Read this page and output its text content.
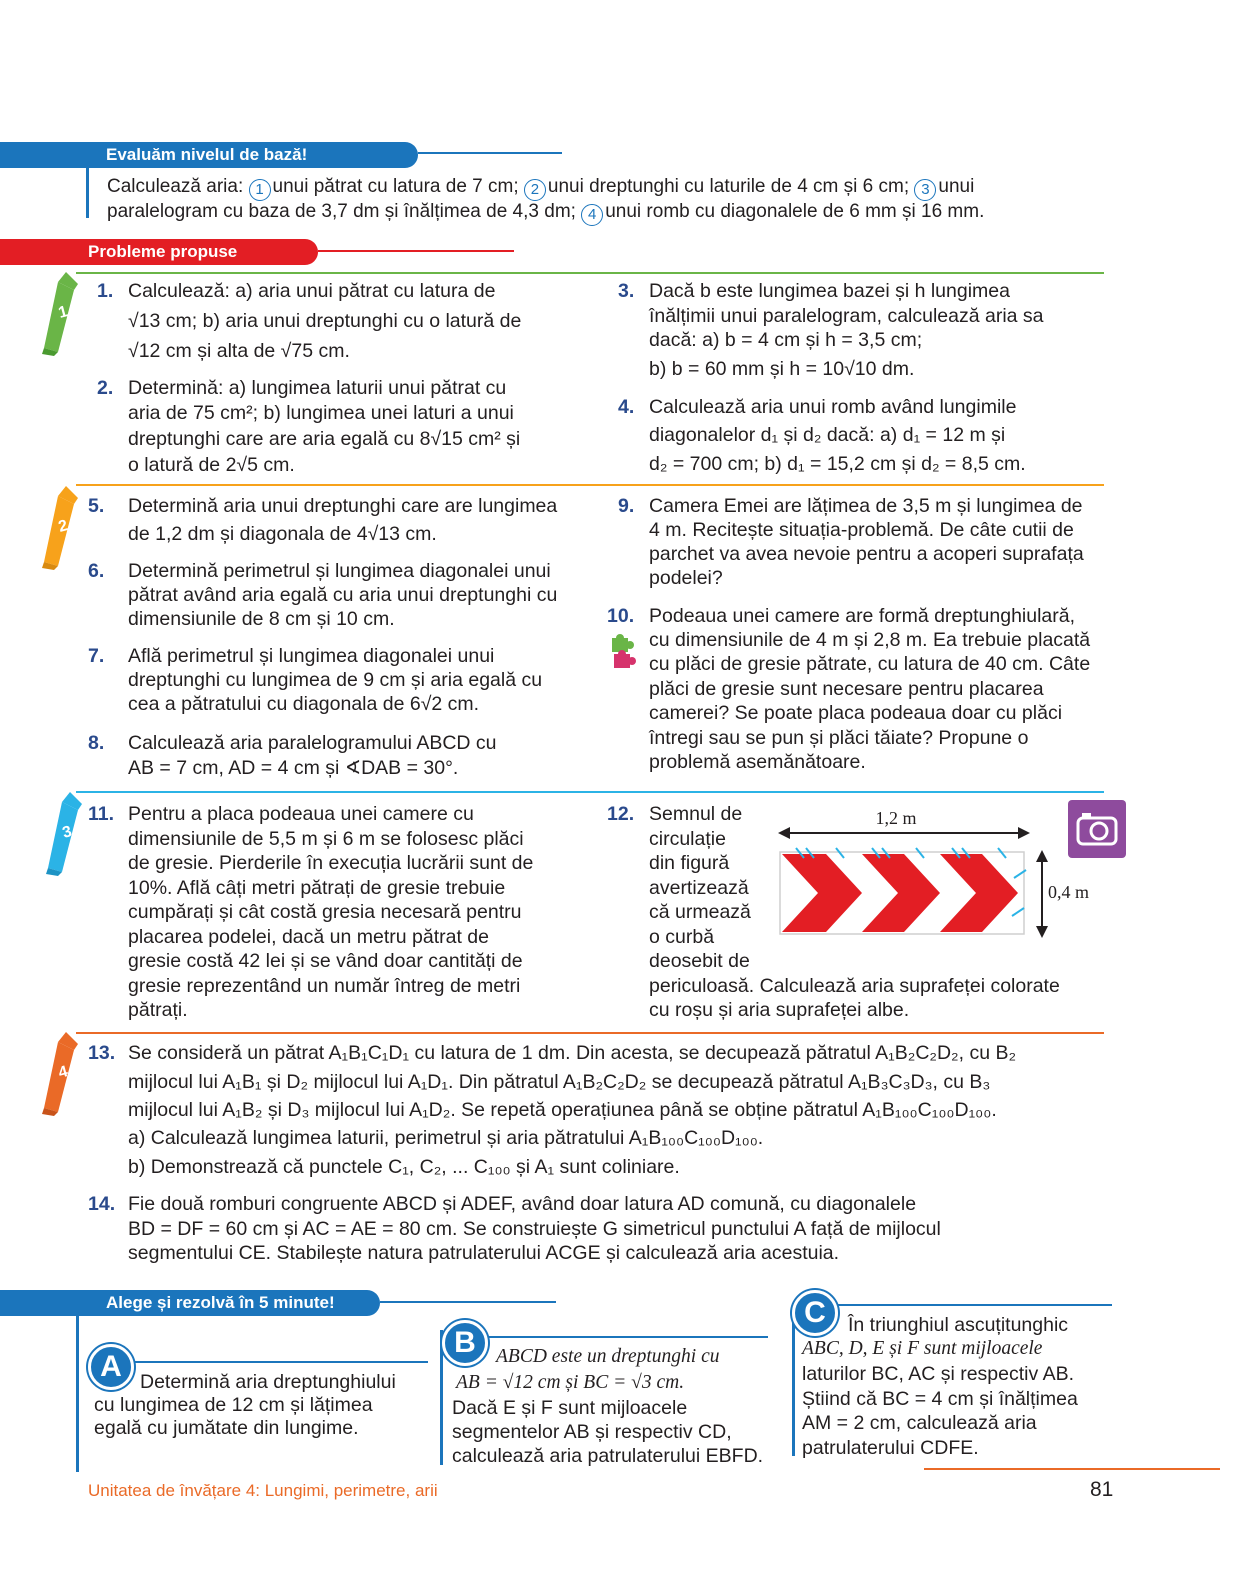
Evaluăm nivelul de bază!
Calculează aria: 1 unui pătrat cu latura de 7 cm; 2 unui dreptunghi cu laturile de 4 cm și 6 cm; 3 unui
paralelogram cu baza de 3,7 dm și înălțimea de 4,3 dm; 4 unui romb cu diagonalele de 6 mm și 16 mm.
Probleme propuse
1
2
3
4
1. Calculează: a) aria unui pătrat cu latura de
√13 cm; b) aria unui dreptunghi cu o latură de
√12 cm și alta de √75 cm.
2. Determină: a) lungimea laturii unui pătrat cu
aria de 75 cm²; b) lungimea unei laturi a unui
dreptunghi care are aria egală cu 8√15 cm² și
o latură de 2√5 cm.
5. Determină aria unui dreptunghi care are lungimea
de 1,2 dm și diagonala de 4√13 cm.
6. Determină perimetrul și lungimea diagonalei unui
pătrat având aria egală cu aria unui dreptunghi cu
dimensiunile de 8 cm și 10 cm.
7. Află perimetrul și lungimea diagonalei unui
dreptunghi cu lungimea de 9 cm și aria egală cu
cea a pătratului cu diagonala de 6√2 cm.
8. Calculează aria paralelogramului ABCD cu
AB = 7 cm, AD = 4 cm și ∢DAB = 30°.
3. Dacă b este lungimea bazei și h lungimea
înălțimii unui paralelogram, calculează aria sa
dacă: a) b = 4 cm și h = 3,5 cm;
b) b = 60 mm și h = 10√10 dm.
4. Calculează aria unui romb având lungimile
diagonalelor d₁ și d₂ dacă: a) d₁ = 12 m și
d₂ = 700 cm; b) d₁ = 15,2 cm și d₂ = 8,5 cm.
9. Camera Emei are lățimea de 3,5 m și lungimea de
4 m. Recitește situația-problemă. De câte cutii de
parchet va avea nevoie pentru a acoperi suprafața
podelei?
10. Podeaua unei camere are formă dreptunghiulară,
cu dimensiunile de 4 m și 2,8 m. Ea trebuie placată
cu plăci de gresie pătrate, cu latura de 40 cm. Câte
plăci de gresie sunt necesare pentru placarea
camerei? Se poate placa podeaua doar cu plăci
întregi sau se pun și plăci tăiate? Propune o
problemă asemănătoare.
11. Pentru a placa podeaua unei camere cu
dimensiunile de 5,5 m și 6 m se folosesc plăci
de gresie. Pierderile în execuția lucrării sunt de
10%. Află câți metri pătrați de gresie trebuie
cumpărați și cât costă gresia necesară pentru
placarea podelei, dacă un metru pătrat de
gresie costă 42 lei și se vând doar cantități de
gresie reprezentând un număr întreg de metri
pătrați.
12. Semnul de
circulație
din figură
avertizează
că urmează
o curbă
deosebit de
periculoasă. Calculează aria suprafeței colorate
cu roșu și aria suprafeței albe.
1,2 m
0,4 m
13. Se consideră un pătrat A₁B₁C₁D₁ cu latura de 1 dm. Din acesta, se decupează pătratul A₁B₂C₂D₂, cu B₂
mijlocul lui A₁B₁ și D₂ mijlocul lui A₁D₁. Din pătratul A₁B₂C₂D₂ se decupează pătratul A₁B₃C₃D₃, cu B₃
mijlocul lui A₁B₂ și D₃ mijlocul lui A₁D₂. Se repetă operațiunea până se obține pătratul A₁B₁₀₀C₁₀₀D₁₀₀.
a) Calculează lungimea laturii, perimetrul și aria pătratului A₁B₁₀₀C₁₀₀D₁₀₀.
b) Demonstrează că punctele C₁, C₂, ... C₁₀₀ și A₁ sunt coliniare.
14. Fie două romburi congruente ABCD și ADEF, având doar latura AD comună, cu diagonalele
BD = DF = 60 cm și AC = AE = 80 cm. Se construiește G simetricul punctului A față de mijlocul
segmentului CE. Stabilește natura patrulaterului ACGE și calculează aria acestuia.
Alege și rezolvă în 5 minute!
A Determină aria dreptunghiului
cu lungimea de 12 cm și lățimea
egală cu jumătate din lungime.
B	ABCD este un dreptunghi cu
AB = √12 cm și BC = √3 cm.
Dacă E și F sunt mijloacele
segmentelor AB și respectiv CD,
calculează aria patrulaterului EBFD.
C	În triunghiul ascuțitunghic
ABC, D, E și F sunt mijloacele
laturilor BC, AC și respectiv AB.
Știind că BC = 4 cm și înălțimea
AM = 2 cm, calculează aria
patrulaterului CDFE.
Unitatea de învățare 4: Lungimi, perimetre, arii	81
